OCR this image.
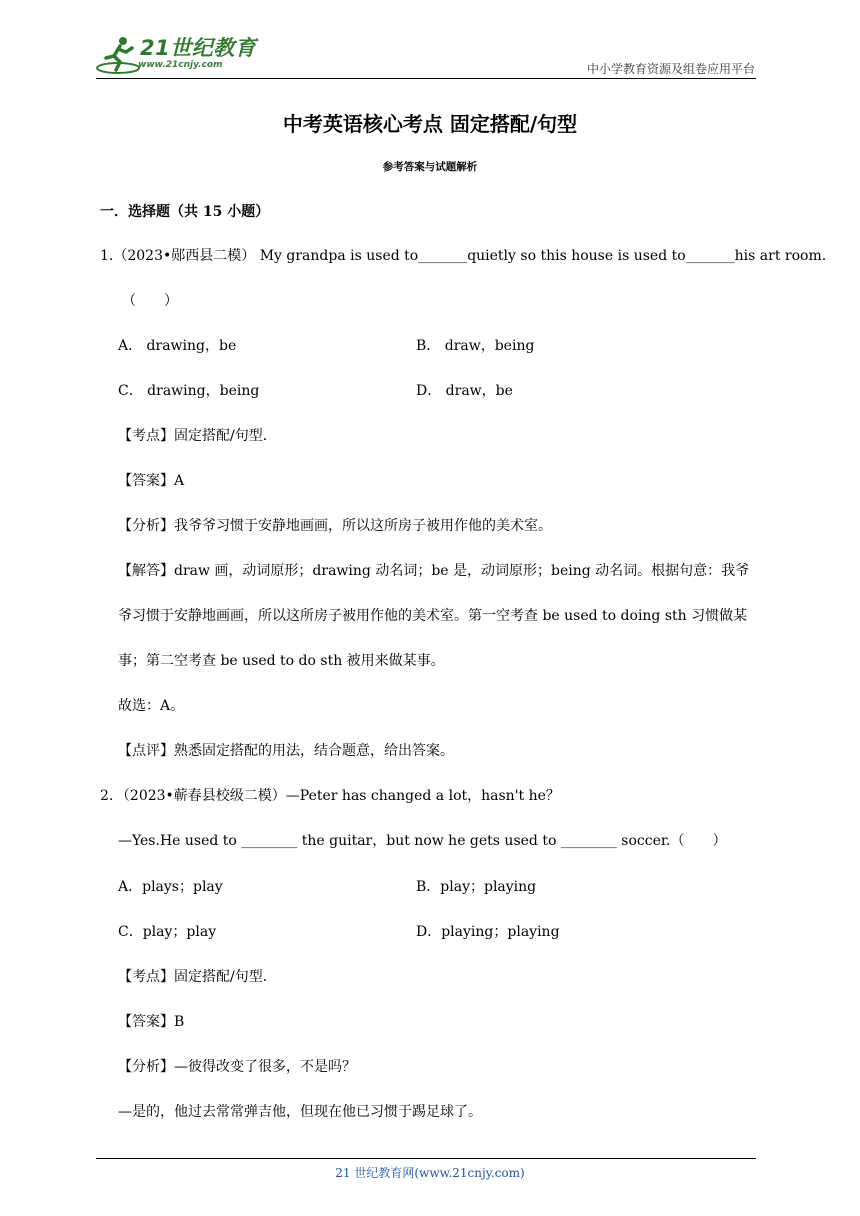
21世纪教育
www.21cnjy.com	中小学教育资源及组卷应用平台
中考英语核心考点 固定搭配/句型
参考答案与试题解析
一．选择题（共 15 小题）
1.（2023•郧西县二模） My grandpa is used to_______quietly so this house is used to_______his art room.
（　　）
A． drawing，be	B． draw，being
C． drawing，being	D． draw，be
【考点】固定搭配/句型．
【答案】A
【分析】我爷爷习惯于安静地画画，所以这所房子被用作他的美术室。
【解答】draw 画，动词原形；drawing 动名词；be 是，动词原形；being 动名词。根据句意：我爷
爷习惯于安静地画画，所以这所房子被用作他的美术室。第一空考查 be used to doing sth 习惯做某
事；第二空考查 be used to do sth 被用来做某事。
故选：A。
【点评】熟悉固定搭配的用法，结合题意，给出答案。
2．（2023•蕲春县校级二模）—Peter has changed a lot，hasn't he？
—Yes.He used to ________ the guitar，but now he gets used to ________ soccer.（　　）
A．plays；play	B．play；playing
C．play；play	D．playing；playing
【考点】固定搭配/句型．
【答案】B
【分析】—彼得改变了很多，不是吗？
—是的，他过去常常弹吉他，但现在他已习惯于踢足球了。
21 世纪教育网(www.21cnjy.com)
